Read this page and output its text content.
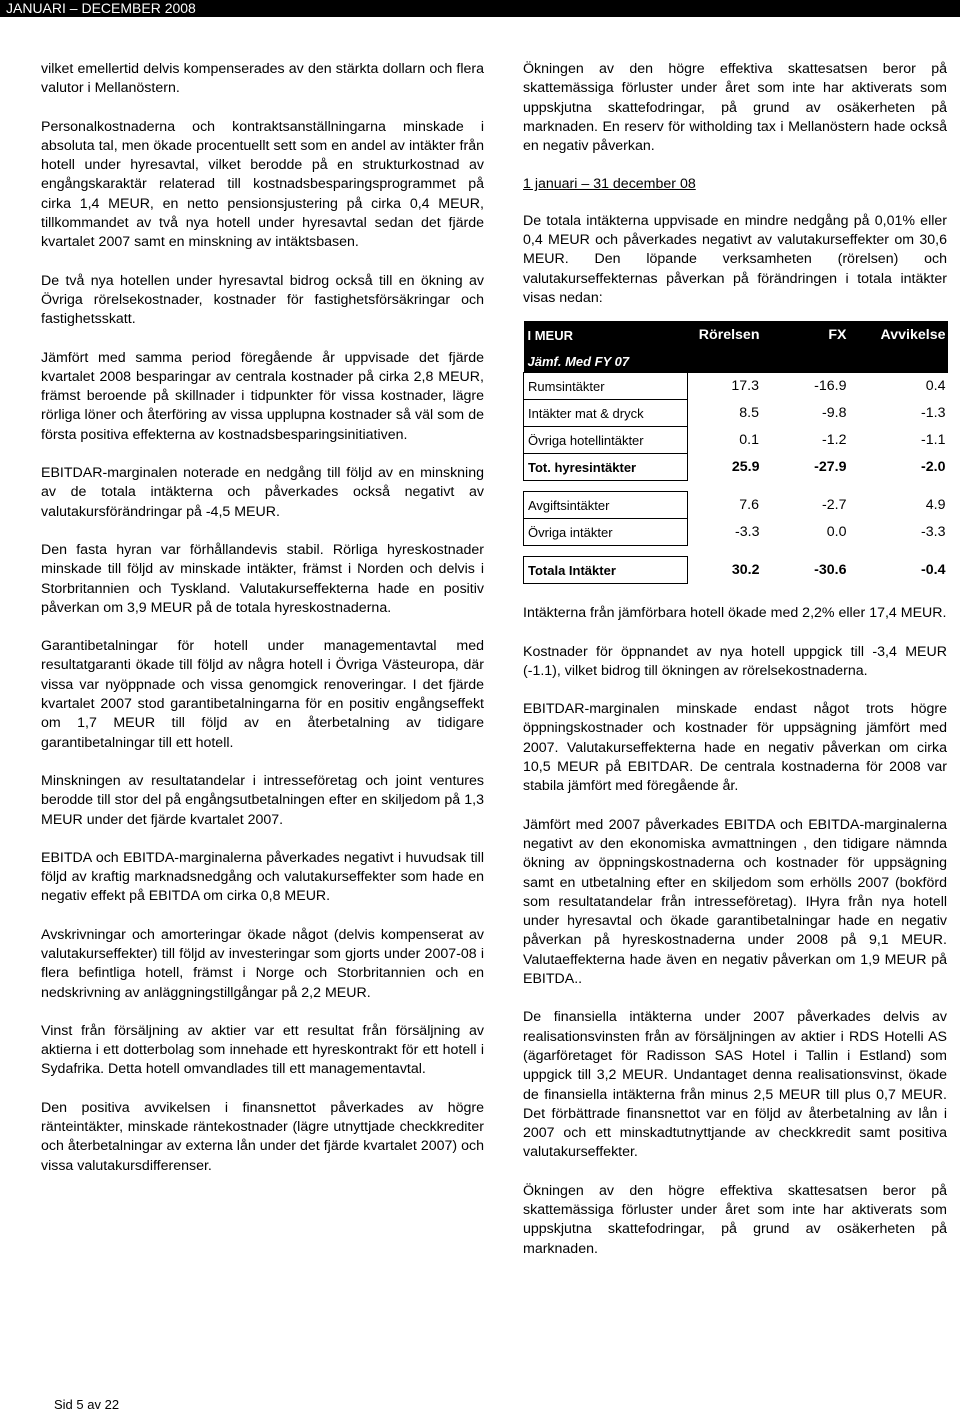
JANUARI – DECEMBER 2008

vilket emellertid delvis kompenserades av den stärkta dollarn och flera valutor i Mellanöstern.

Personalkostnaderna och kontraktsanställningarna minskade i absoluta tal, men ökade procentuellt sett som en andel av intäkter från hotell under hyresavtal, vilket berodde på en strukturkostnad av engångskaraktär relaterad till kostnadsbesparingsprogrammet på cirka 1,4 MEUR, en netto pensionsjustering på cirka 0,4 MEUR, tillkommandet av två nya hotell under hyresavtal sedan det fjärde kvartalet 2007 samt en minskning av intäktsbasen.

De två nya hotellen under hyresavtal bidrog också till en ökning av Övriga rörelsekostnader, kostnader för fastighetsförsäkringar och fastighetsskatt.

Jämfört med samma period föregående år uppvisade det fjärde kvartalet 2008 besparingar av centrala kostnader på cirka 2,8 MEUR, främst beroende på skillnader i tidpunkter för vissa kostnader, lägre rörliga löner och återföring av vissa upplupna kostnader så väl som de första positiva effekterna av kostnadsbesparingsinitiativen.

EBITDAR-marginalen noterade en nedgång till följd av en minskning av de totala intäkterna och påverkades också negativt av valutakursförändringar på -4,5 MEUR.

Den fasta hyran var förhållandevis stabil. Rörliga hyreskostnader minskade till följd av minskade intäkter, främst i Norden och delvis i Storbritannien och Tyskland. Valutakurseffekterna hade en positiv påverkan om 3,9 MEUR på de totala hyreskostnaderna.

Garantibetalningar för hotell under managementavtal med resultatgaranti ökade till följd av några hotell i Övriga Västeuropa, där vissa var nyöppnade och vissa genomgick renoveringar. I det fjärde kvartalet 2007 stod garantibetalningarna för en positiv engångseffekt om 1,7 MEUR till följd av en återbetalning av tidigare garantibetalningar till ett hotell.

Minskningen av resultatandelar i intresseföretag och joint ventures berodde till stor del på engångsutbetalningen efter en skiljedom på 1,3 MEUR under det fjärde kvartalet 2007.

EBITDA och EBITDA-marginalerna påverkades negativt i huvudsak till följd av kraftig marknadsnedgång och valutakurseffekter som hade en negativ effekt på EBITDA om cirka 0,8 MEUR.

Avskrivningar och amorteringar ökade något (delvis kompenserat av valutakurseffekter) till följd av investeringar som gjorts under 2007-08 i flera befintliga hotell, främst i Norge och Storbritannien och en nedskrivning av anläggningstillgångar på 2,2 MEUR.

Vinst från försäljning av aktier var ett resultat från försäljning av aktierna i ett dotterbolag som innehade ett hyreskontrakt för ett hotell i Sydafrika. Detta hotell omvandlades till ett managementavtal.

Den positiva avvikelsen i finansnettot påverkades av högre ränteintäkter, minskade räntekostnader (lägre utnyttjade checkkrediter och återbetalningar av externa lån under det fjärde kvartalet 2007) och vissa valutakursdifferenser.

Ökningen av den högre effektiva skattesatsen beror på skattemässiga förluster under året som inte har aktiverats som uppskjutna skattefodringar, på grund av osäkerheten på marknaden. En reserv för witholding tax i Mellanöstern hade också en negativ påverkan.

1 januari – 31 december 08

De totala intäkterna uppvisade en mindre nedgång på 0,01% eller 0,4 MEUR och påverkades negativt av valutakurseffekter om 30,6 MEUR. Den löpande verksamheten (rörelsen) och valutakurseffekternas påverkan på förändringen i totala intäkter visas nedan:

I MEUR	Rörelsen	FX	Avvikelse
Jämf. Med FY 07			
Rumsintäkter	17.3	-16.9	0.4
Intäkter mat & dryck	8.5	-9.8	-1.3
Övriga hotellintäkter	0.1	-1.2	-1.1
Tot. hyresintäkter	25.9	-27.9	-2.0

Avgiftsintäkter	7.6	-2.7	4.9
Övriga intäkter	-3.3	0.0	-3.3

Totala Intäkter	30.2	-30.6	-0.4

Intäkterna från jämförbara hotell ökade med 2,2% eller 17,4 MEUR.

Kostnader för öppnandet av nya hotell uppgick till -3,4 MEUR (-1.1), vilket bidrog till ökningen av rörelsekostnaderna.

EBITDAR-marginalen minskade endast något trots högre öppningskostnader och kostnader för uppsägning jämfört med 2007. Valutakurseffekterna hade en negativ påverkan om cirka 10,5 MEUR på EBITDAR. De centrala kostnaderna för 2008 var stabila jämfört med föregående år.

Jämfört med 2007 påverkades EBITDA och EBITDA-marginalerna negativt av den ekonomiska avmattningen , den tidigare nämnda ökning av öppningskostnaderna och kostnader för uppsägning samt en utbetalning efter en skiljedom som erhölls 2007 (bokförd som resultatandelar från intresseföretag). IHyra från nya hotell under hyresavtal och ökade garantibetalningar hade en negativ påverkan på hyreskostnaderna under 2008 på 9,1 MEUR. Valutaeffekterna hade även en negativ påverkan om 1,9 MEUR på EBITDA..

De finansiella intäkterna under 2007 påverkades delvis av realisationsvinsten från av försäljningen av aktier i RDS Hotelli AS (ägarföretaget för Radisson SAS Hotel i Tallin i Estland) som uppgick till 3,2 MEUR. Undantaget denna realisationsvinst, ökade de finansiella intäkterna från minus 2,5 MEUR till plus 0,7 MEUR. Det förbättrade finansnettot var en följd av återbetalning av lån i 2007 och ett minskadtutnyttjande av checkkredit samt positiva valutakurseffekter.

Ökningen av den högre effektiva skattesatsen beror på skattemässiga förluster under året som inte har aktiverats som uppskjutna skattefodringar, på grund av osäkerheten på marknaden.

Sid 5 av 22
